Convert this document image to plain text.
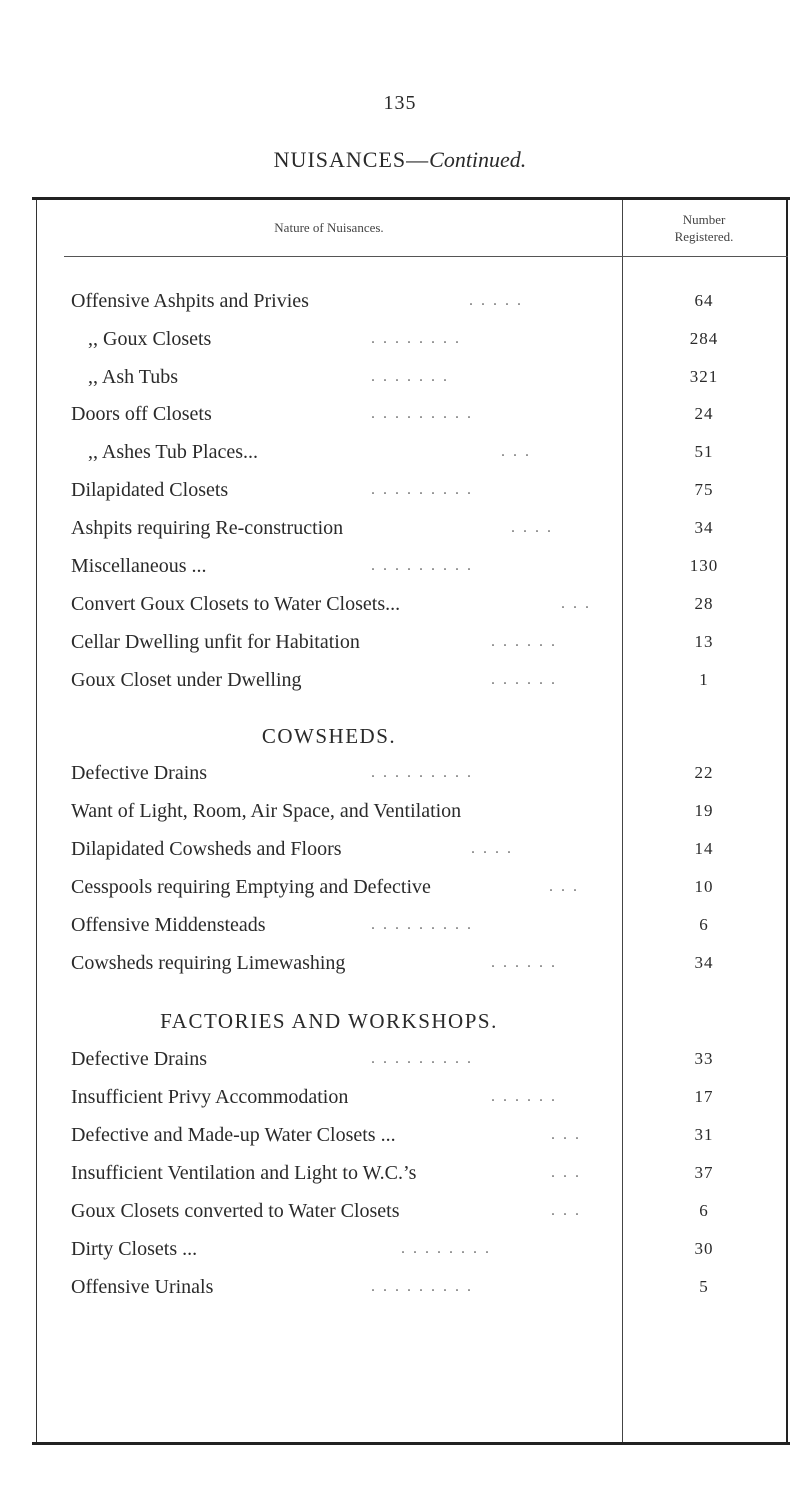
135
NUISANCES—Continued.
Nature of Nuisances.
Number
Registered.
Offensive Ashpits and Privies	. . . . .	64
,, Goux Closets	. . . . . . . .	284
,, Ash Tubs	. . . . . . .	321
Doors off Closets	. . . . . . . . .	24
,, Ashes Tub Places...	. . .	51
Dilapidated Closets	. . . . . . . . .	75
Ashpits requiring Re-construction	. . . .	34
Miscellaneous ...	. . . . . . . . .	130
Convert Goux Closets to Water Closets...	. . .	28
Cellar Dwelling unfit for Habitation	. . . . . .	13
Goux Closet under Dwelling	. . . . . .	1
COWSHEDS.
Defective Drains	. . . . . . . . .	22
Want of Light, Room, Air Space, and Ventilation	19
Dilapidated Cowsheds and Floors	. . . .	14
Cesspools requiring Emptying and Defective	. . .	10
Offensive Middensteads	. . . . . . . . .	6
Cowsheds requiring Limewashing	. . . . . .	34
FACTORIES AND WORKSHOPS.
Defective Drains	. . . . . . . . .	33
Insufficient Privy Accommodation	. . . . . .	17
Defective and Made-up Water Closets ...	. . .	31
Insufficient Ventilation and Light to W.C.’s	. . .	37
Goux Closets converted to Water Closets	. . .	6
Dirty Closets ...	. . . . . . . .	30
Offensive Urinals	. . . . . . . . .	5
